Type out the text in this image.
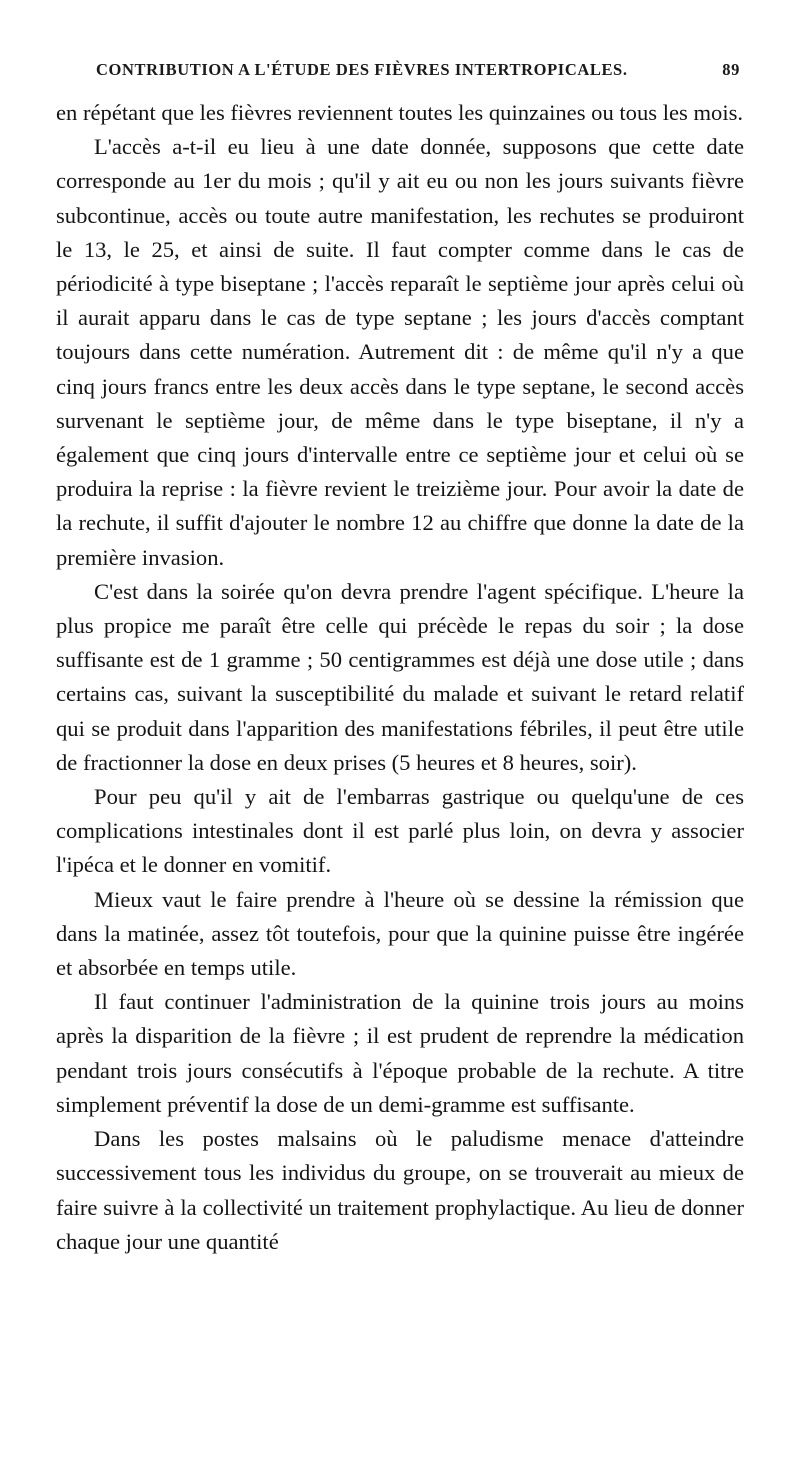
CONTRIBUTION A L'ÉTUDE DES FIÈVRES INTERTROPICALES.	89

en répétant que les fièvres reviennent toutes les quinzaines ou tous les mois.

L'accès a-t-il eu lieu à une date donnée, supposons que cette date corresponde au 1er du mois ; qu'il y ait eu ou non les jours suivants fièvre subcontinue, accès ou toute autre manifestation, les rechutes se produiront le 13, le 25, et ainsi de suite. Il faut compter comme dans le cas de périodicité à type biseptane ; l'accès reparaît le septième jour après celui où il aurait apparu dans le cas de type septane ; les jours d'accès comptant toujours dans cette numération. Autrement dit : de même qu'il n'y a que cinq jours francs entre les deux accès dans le type septane, le second accès survenant le septième jour, de même dans le type biseptane, il n'y a également que cinq jours d'intervalle entre ce septième jour et celui où se produira la reprise : la fièvre revient le treizième jour. Pour avoir la date de la rechute, il suffit d'ajouter le nombre 12 au chiffre que donne la date de la première invasion.

C'est dans la soirée qu'on devra prendre l'agent spécifique. L'heure la plus propice me paraît être celle qui précède le repas du soir ; la dose suffisante est de 1 gramme ; 50 centigrammes est déjà une dose utile ; dans certains cas, suivant la susceptibilité du malade et suivant le retard relatif qui se produit dans l'apparition des manifestations fébriles, il peut être utile de fractionner la dose en deux prises (5 heures et 8 heures, soir).

Pour peu qu'il y ait de l'embarras gastrique ou quelqu'une de ces complications intestinales dont il est parlé plus loin, on devra y associer l'ipéca et le donner en vomitif.

Mieux vaut le faire prendre à l'heure où se dessine la rémission que dans la matinée, assez tôt toutefois, pour que la quinine puisse être ingérée et absorbée en temps utile.

Il faut continuer l'administration de la quinine trois jours au moins après la disparition de la fièvre ; il est prudent de reprendre la médication pendant trois jours consécutifs à l'époque probable de la rechute. A titre simplement préventif la dose de un demi-gramme est suffisante.

Dans les postes malsains où le paludisme menace d'atteindre successivement tous les individus du groupe, on se trouverait au mieux de faire suivre à la collectivité un traitement prophylactique. Au lieu de donner chaque jour une quantité
